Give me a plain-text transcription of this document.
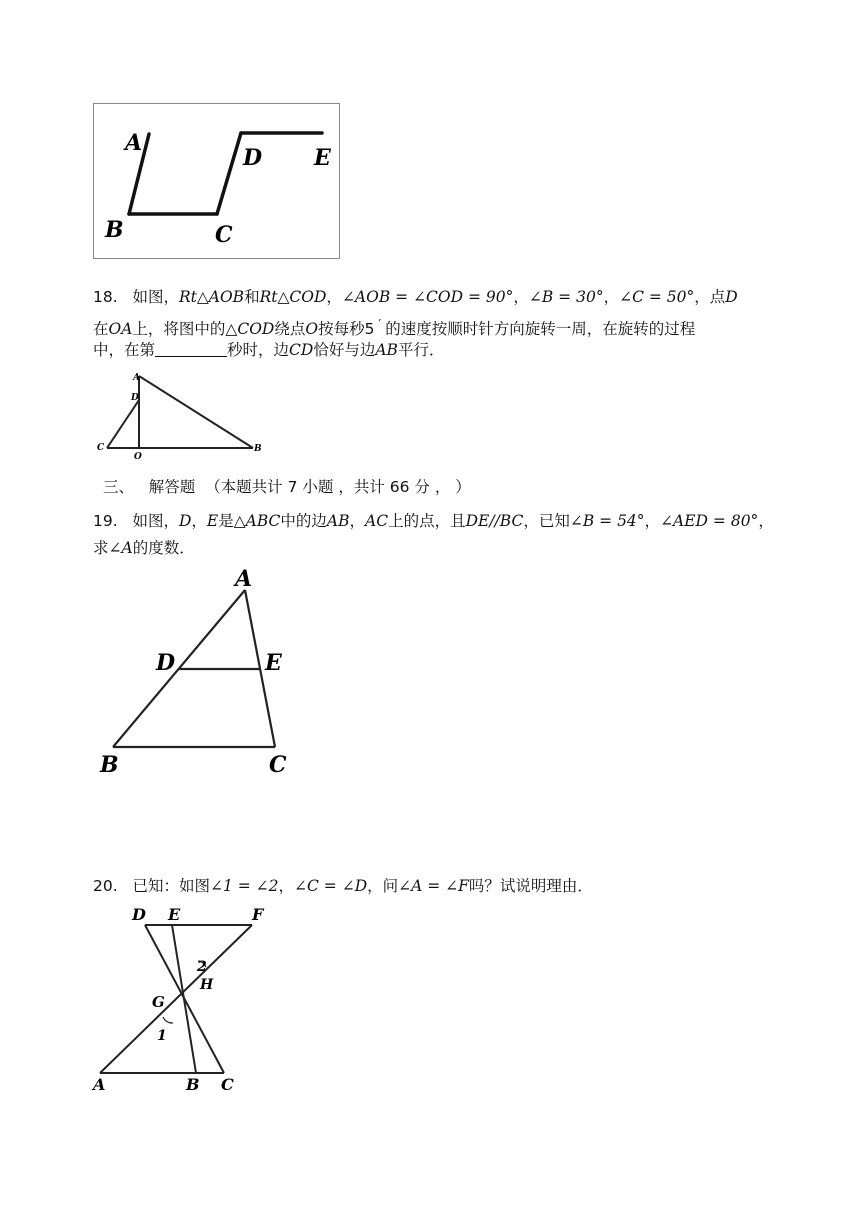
A
B	C
D E
18. 如图，Rt△AOB和Rt△COD，∠AOB = ∠COD = 90°，∠B = 30°，∠C = 50°，点D
在OA上，将图中的△COD绕点O按每秒5 ′ 的速度按顺时针方向旋转一周，在旋转的过程
中，在第	秒时，边CD恰好与边AB平行．
A
D
C
O
B
三、 解答题 （本题共计 7 小题 ，共计 66 分 ， ）
19. 如图，D，E是△ABC中的边AB，AC上的点，且DE//BC，已知∠B = 54°，∠AED = 80°，
求∠A的度数．
A
D	E
B	C
20. 已知：如图∠1 = ∠2，∠C = ∠D，问∠A = ∠F吗？试说明理由．
D E	F
2
H
G
1
A	B C
